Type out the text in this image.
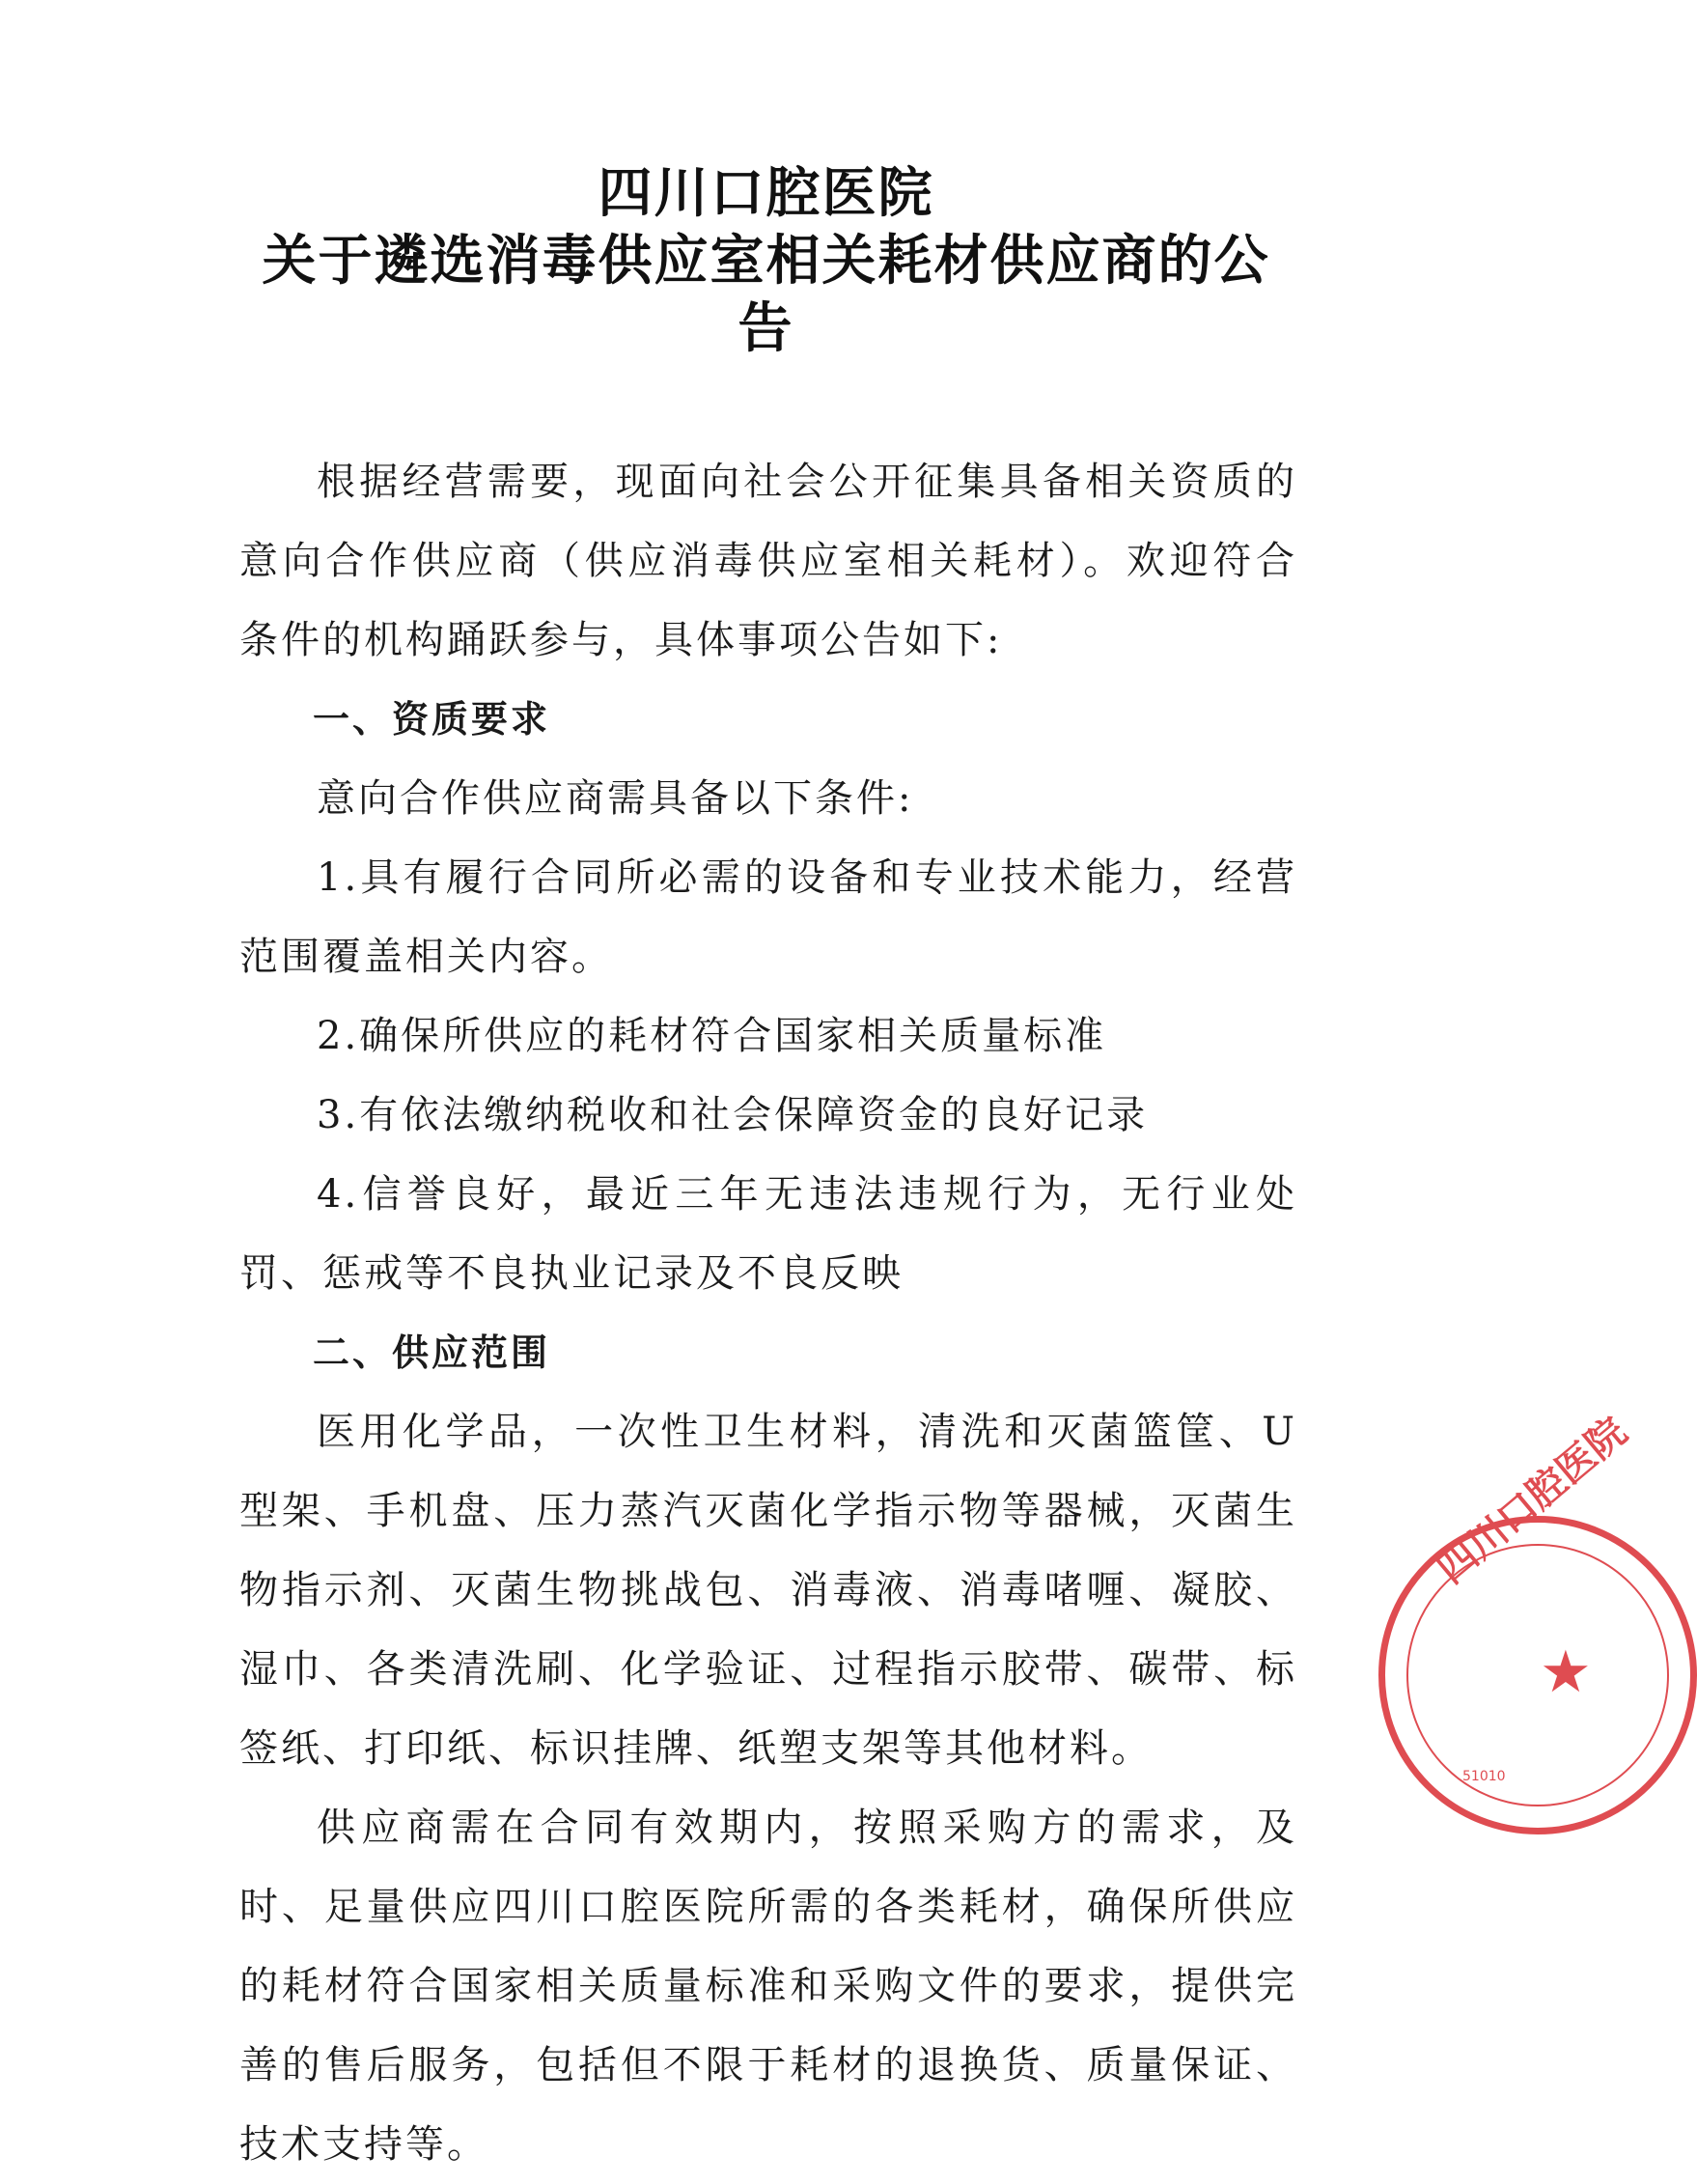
四川口腔医院
关于遴选消毒供应室相关耗材供应商的公告

根据经营需要，现面向社会公开征集具备相关资质的意向合作供应商（供应消毒供应室相关耗材）。欢迎符合条件的机构踊跃参与，具体事项公告如下:

一、资质要求

意向合作供应商需具备以下条件:

1.具有履行合同所必需的设备和专业技术能力，经营范围覆盖相关内容。

2.确保所供应的耗材符合国家相关质量标准

3.有依法缴纳税收和社会保障资金的良好记录

4.信誉良好，最近三年无违法违规行为，无行业处罚、惩戒等不良执业记录及不良反映

二、供应范围

医用化学品，一次性卫生材料，清洗和灭菌篮筐、U型架、手机盘、压力蒸汽灭菌化学指示物等器械，灭菌生物指示剂、灭菌生物挑战包、消毒液、消毒啫喱、凝胶、湿巾、各类清洗刷、化学验证、过程指示胶带、碳带、标签纸、打印纸、标识挂牌、纸塑支架等其他材料。

供应商需在合同有效期内，按照采购方的需求，及时、足量供应四川口腔医院所需的各类耗材，确保所供应的耗材符合国家相关质量标准和采购文件的要求，提供完善的售后服务，包括但不限于耗材的退换货、质量保证、技术支持等。

四川口腔医院
★
51010
